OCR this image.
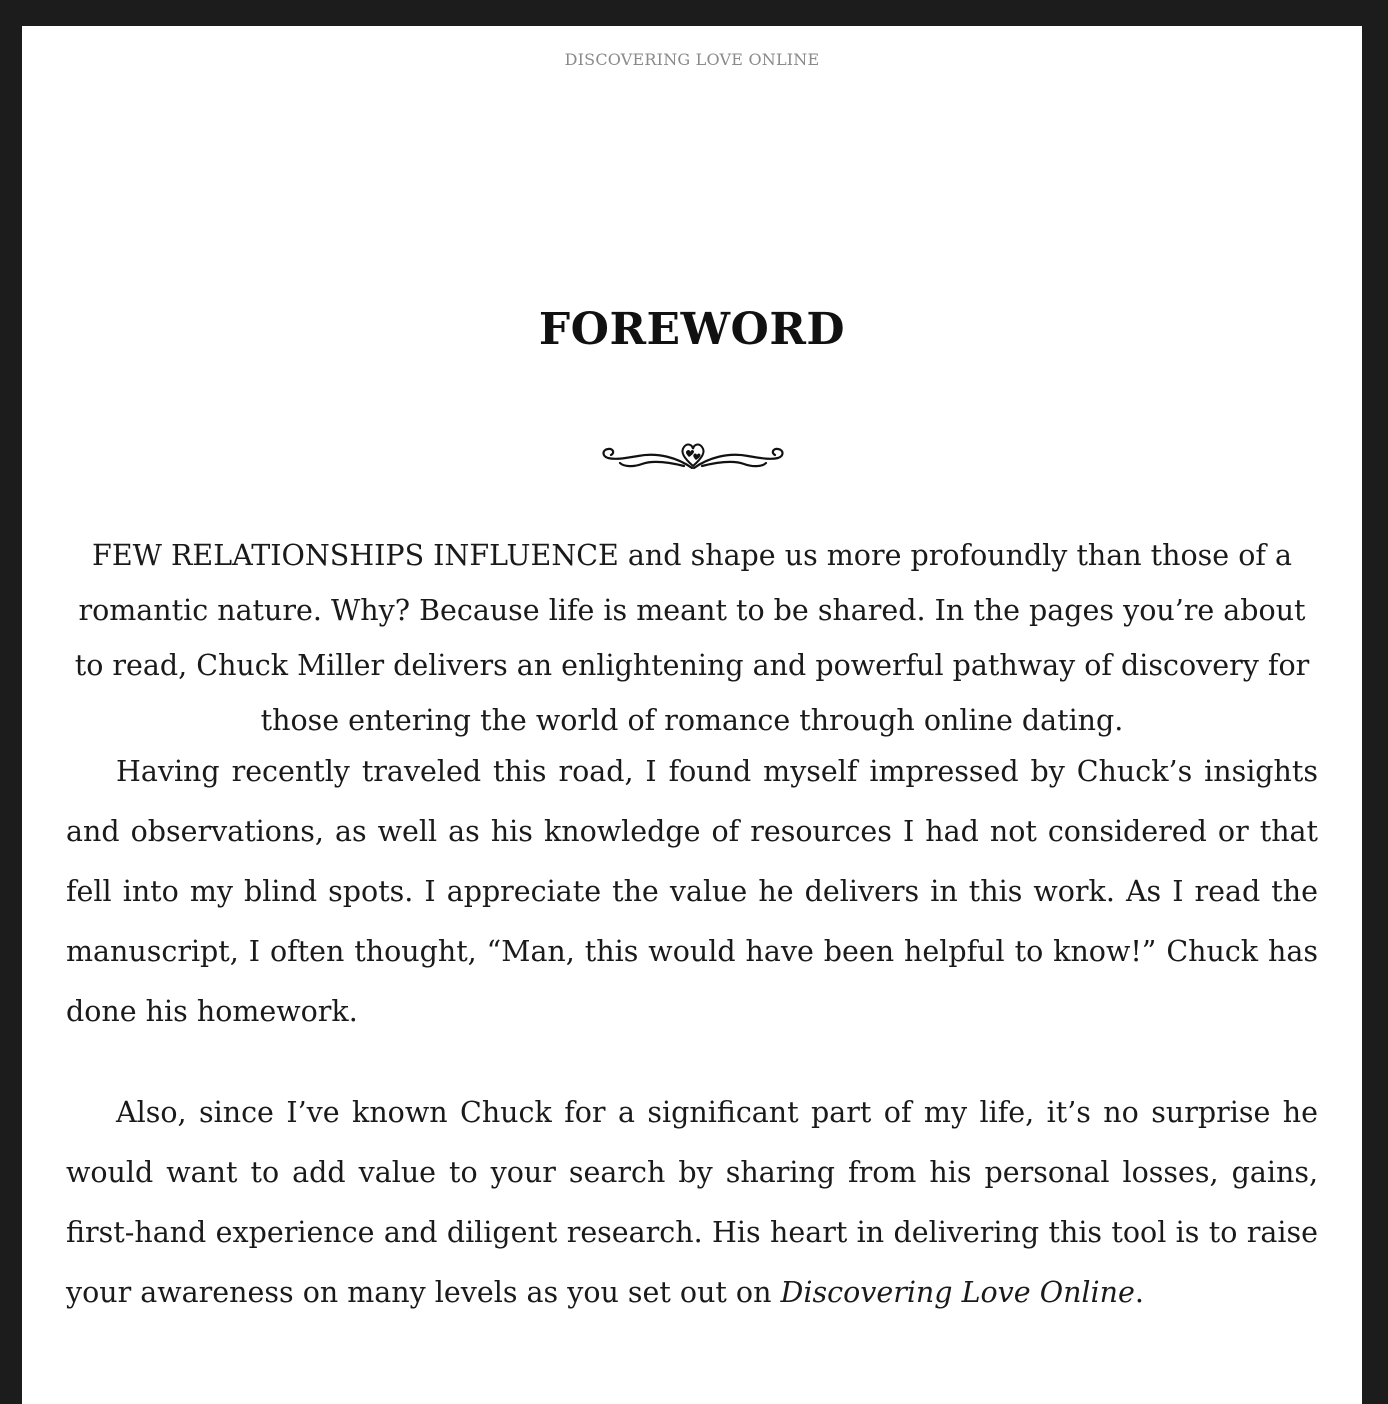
DISCOVERING LOVE ONLINE
FOREWORD

FEW RELATIONSHIPS INFLUENCE and shape us more profoundly than those of a romantic nature. Why? Because life is meant to be shared. In the pages you’re about to read, Chuck Miller delivers an enlightening and powerful pathway of discovery for those entering the world of romance through online dating.

Having recently traveled this road, I found myself impressed by Chuck’s insights and observations, as well as his knowledge of resources I had not considered or that fell into my blind spots. I appreciate the value he delivers in this work. As I read the manuscript, I often thought, “Man, this would have been helpful to know!” Chuck has done his homework.

Also, since I’ve known Chuck for a significant part of my life, it’s no surprise he would want to add value to your search by sharing from his personal losses, gains, first-hand experience and diligent research. His heart in delivering this tool is to raise your awareness on many levels as you set out on Discovering Love Online.
